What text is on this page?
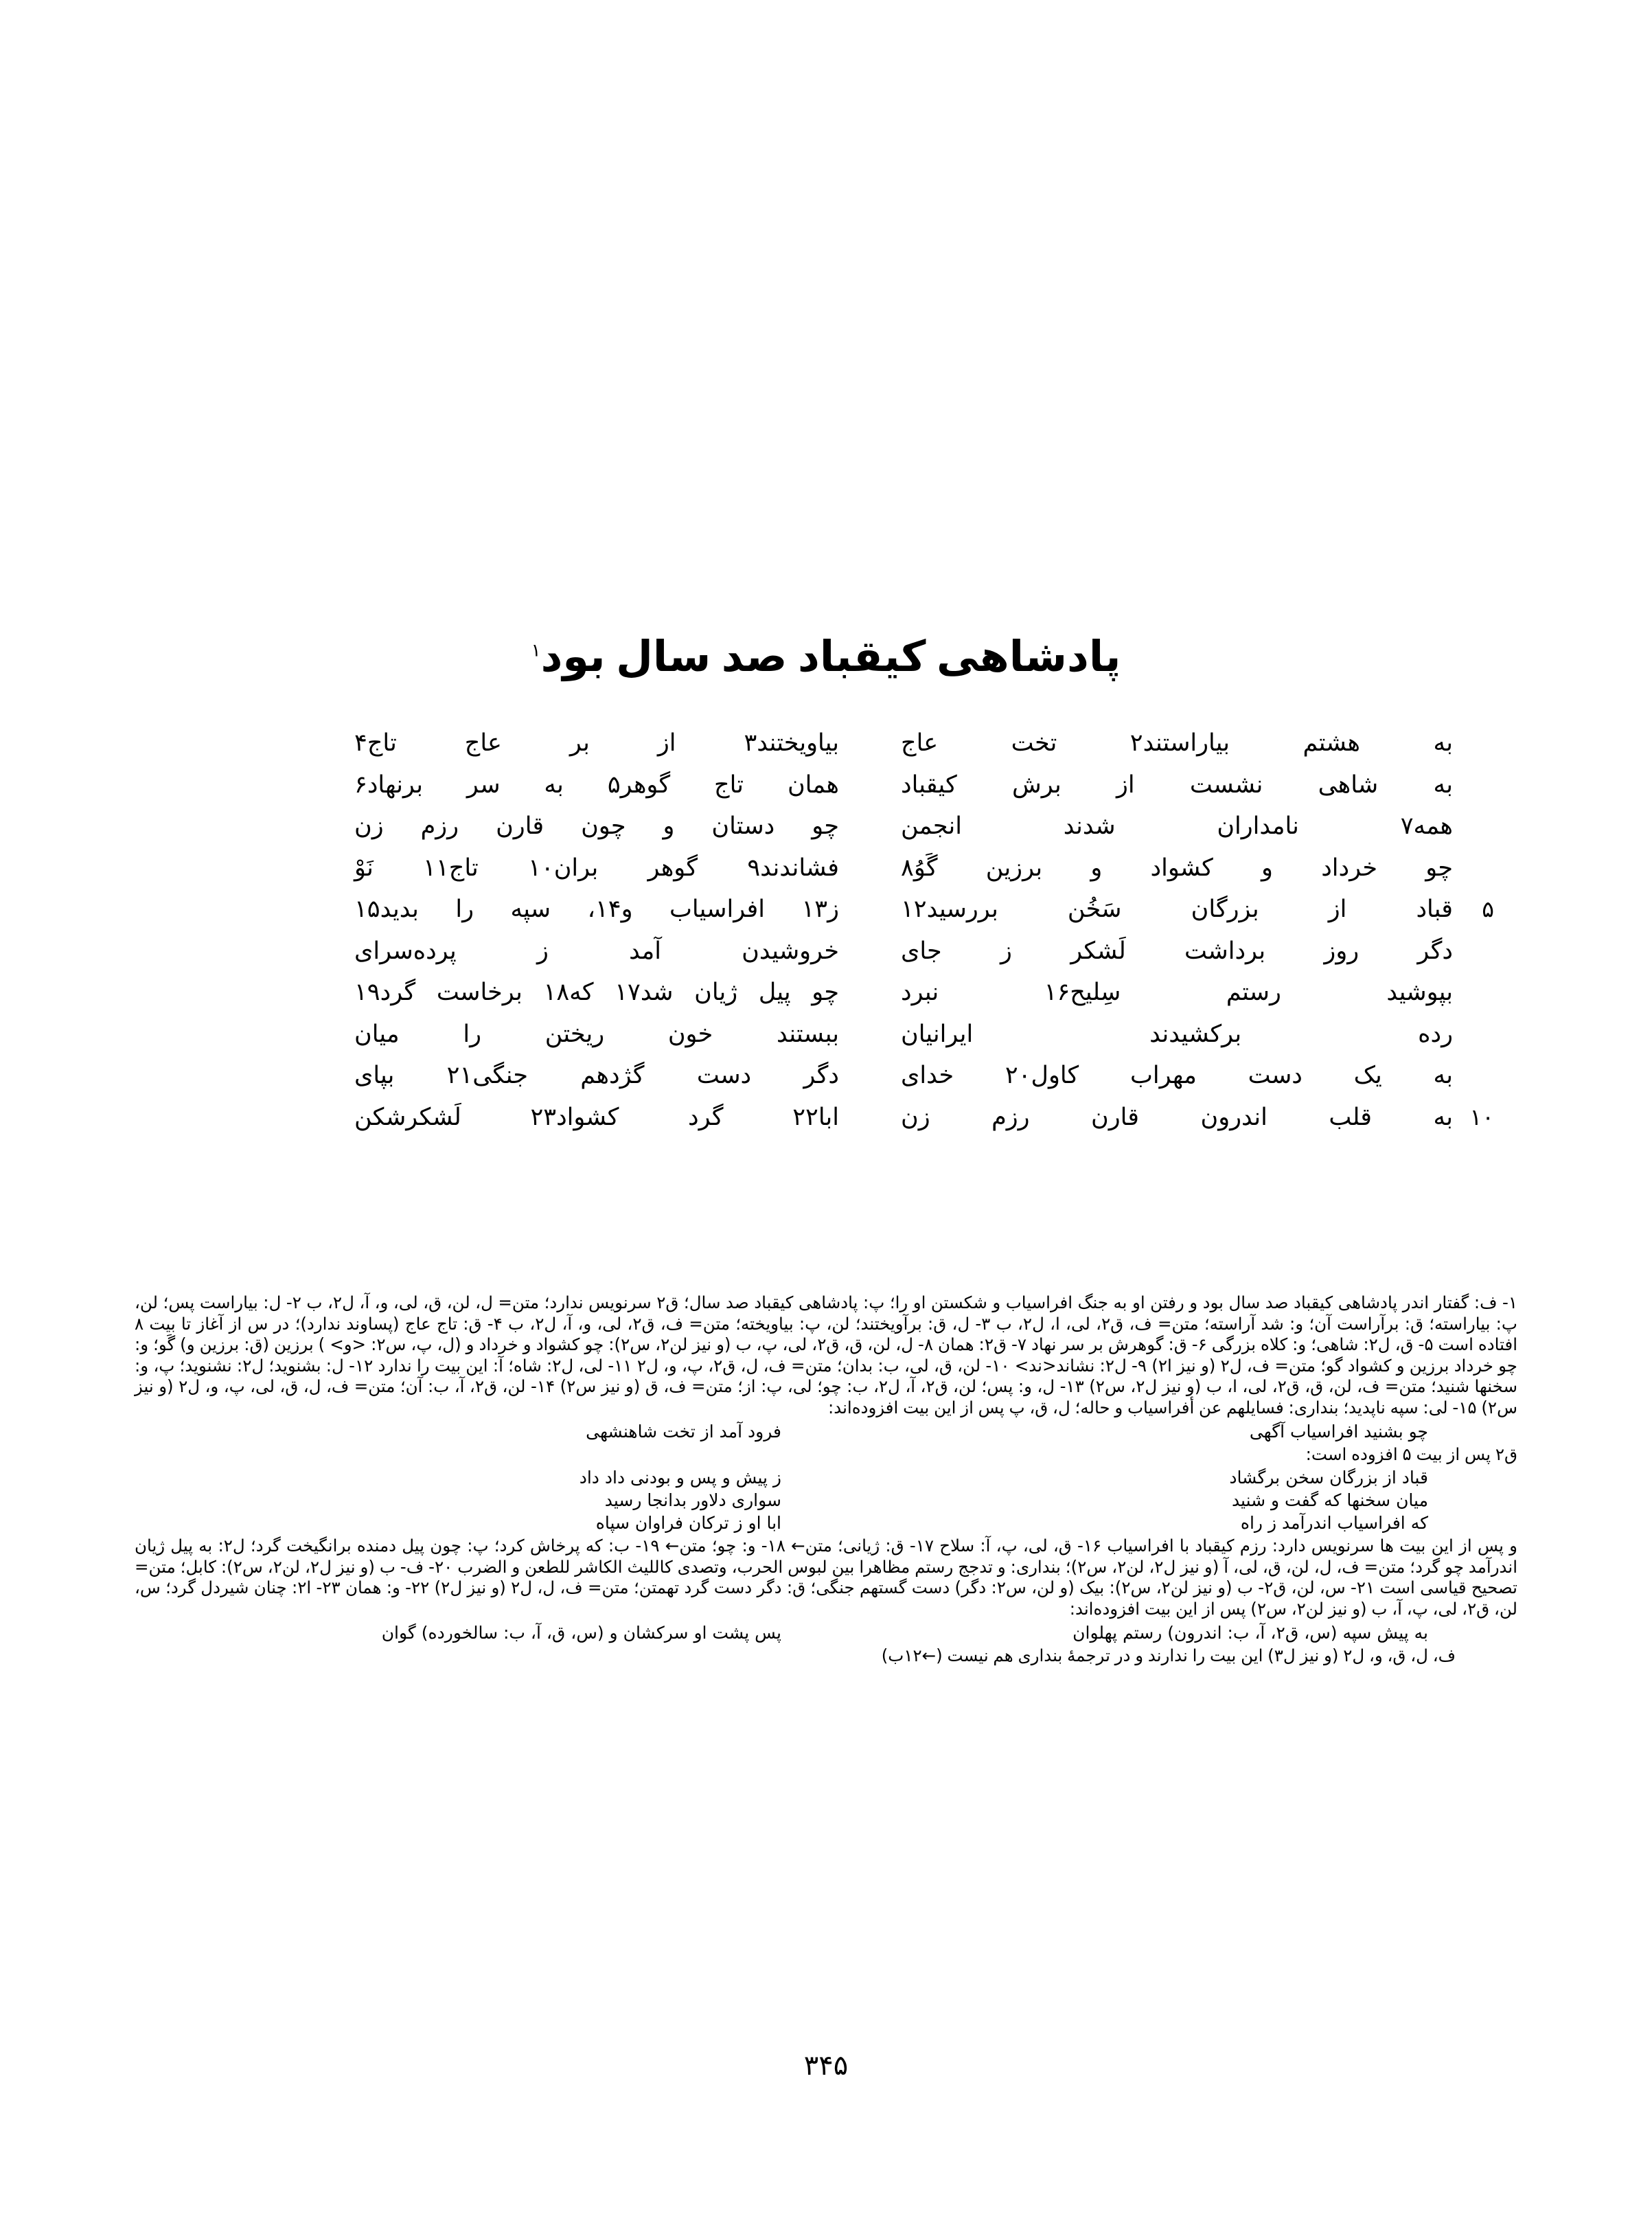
پادشاهی کیقباد صد سال بود$^۱$
به هشتم بیاراستند۲ تخت عاج
بیاویختند۳ از بر عاج تاج۴
به شاهی نشست از برش کیقباد
همان تاج گوهر۵ به سر برنهاد۶
همه۷ نامداران شدند انجمن
چو دستان و چون قارن رزم زن
چو خرداد و کشواد و برزین گَوُ۸
فشاندند۹ گوهر بران۱۰ تاج۱۱ نَوْ
۵
قباد از بزرگان سَخُن بررسید۱۲
ز۱۳ افراسیاب و۱۴، سپه را بدید۱۵
دگر روز برداشت لَشکر ز جای
خروشیدن آمد ز پرده‌سرای
بپوشید رستم سِلیح۱۶ نبرد
چو پیل ژیان شد۱۷ که۱۸ برخاست گرد۱۹
رده برکشیدند ایرانیان
ببستند خون ریختن را میان
به یک دست مهراب کاول۲۰ خدای
دگر دست گژدهم جنگی۲۱ بپای
۱۰
به قلب اندرون قارن رزم زن
ابا۲۲ گرد کشواد۲۳ لَشکرشکن
۱- ف: گفتار اندر پادشاهی کیقباد صد سال بود و رفتن او به جنگ افراسیاب و شکستن او را؛ پ: پادشاهی کیقباد صد سال؛ ق۲ سرنویس ندارد؛ متن= ل، لن، ق، لی، و، آ، ل۲، ب ۲- ل: بیاراست پس؛ لن، پ: بیاراسته؛ ق: برآراست آن؛ و: شد آراسته؛ متن= ف، ق۲، لی، ا، ل۲، ب ۳- ل، ق: برآویختند؛ لن، پ: بیاویخته؛ متن= ف، ق۲، لی، و، آ، ل۲، ب ۴- ق: تاج عاج (پساوند ندارد)؛ در س از آغاز تا بیت ۸ افتاده است ۵- ق، ل۲: شاهی؛ و: کلاه بزرگی ۶- ق: گوهرش بر سر نهاد ۷- ق۲: همان ۸- ل، لن، ق، ق۲، لی، پ، ب (و نیز لن۲، س۲): چو کشواد و خرداد و (ل، پ، س۲: <و> ) برزین (ق: برزین و) گَو؛ و: چو خرداد برزین و کشواد گو؛ متن= ف، ل۲ (و نیز ا۲) ۹- ل۲: نشاند<ند> ۱۰- لن، ق، لی، ب: بدان؛ متن= ف، ل، ق۲، پ، و، ل۲ ۱۱- لی، ل۲: شاه؛ آ: این بیت را ندارد ۱۲- ل: بشنوید؛ ل۲: نشنوید؛ پ، و: سخنها شنید؛ متن= ف، لن، ق، ق۲، لی، ا، ب (و نیز ل۲، س۲) ۱۳- ل، و: پس؛ لن، ق۲، آ، ل۲، ب: چو؛ لی، پ: از؛ متن= ف، ق (و نیز س۲) ۱۴- لن، ق۲، آ، ب: آن؛ متن= ف، ل، ق، لی، پ، و، ل۲ (و نیز س۲) ۱۵- لی: سپه ناپدید؛ بنداری: فسایلهم عن أفراسیاب و حاله؛ ل، ق، پ پس از این بیت افزوده‌اند:
چو بشنید افراسیاب آگهی
فرود آمد از تخت شاهنشهی
ق۲ پس از بیت ۵ افزوده است:
قباد از بزرگان سخن برگشاد
ز پیش و پس و بودنی داد داد
میان سخنها که گفت و شنید
سواری دلاور بدانجا رسید
که افراسیاب اندرآمد ز راه
ابا او ز ترکان فراوان سپاه
و پس از این بیت ها سرنویس دارد: رزم کیقباد با افراسیاب ۱۶- ق، لی، پ، آ: سلاح ۱۷- ق: ژیانی؛ متن← ۱۸- و: چو؛ متن← ۱۹- ب: که پرخاش کرد؛ پ: چون پیل دمنده برانگیخت گرد؛ ل۲: به پیل ژیان اندرآمد چو گرد؛ متن= ف، ل، لن، ق، لی، آ (و نیز ل۲، لن۲، س۲)؛ بنداری: و تدجج رستم مظاهرا بین لبوس الحرب، وتصدی کاللیث الکاشر للطعن و الضرب ۲۰- ف- ب (و نیز ل۲، لن۲، س۲): کابل؛ متن= تصحیح قیاسی است ۲۱- س، لن، ق۲- ب (و نیز لن۲، س۲): بیک (و لن، س۲: دگر) دست گستهم جنگی؛ ق: دگر دست گرد تهمتن؛ متن= ف، ل، ل۲ (و نیز ل۲) ۲۲- و: همان ۲۳- ا۲: چنان شیردل گرد؛ س، لن، ق۲، لی، پ، آ، ب (و نیز لن۲، س۲) پس از این بیت افزوده‌اند:
به پیش سپه (س، ق۲، آ، ب: اندرون) رستم پهلوان
پس پشت او سرکشان و (س، ق، آ، ب: سالخورده) گوان
ف، ل، ق، و، ل۲ (و نیز ل۳) این بیت را ندارند و در ترجمهٔ بنداری هم نیست (←۱۲ب)
۳۴۵
